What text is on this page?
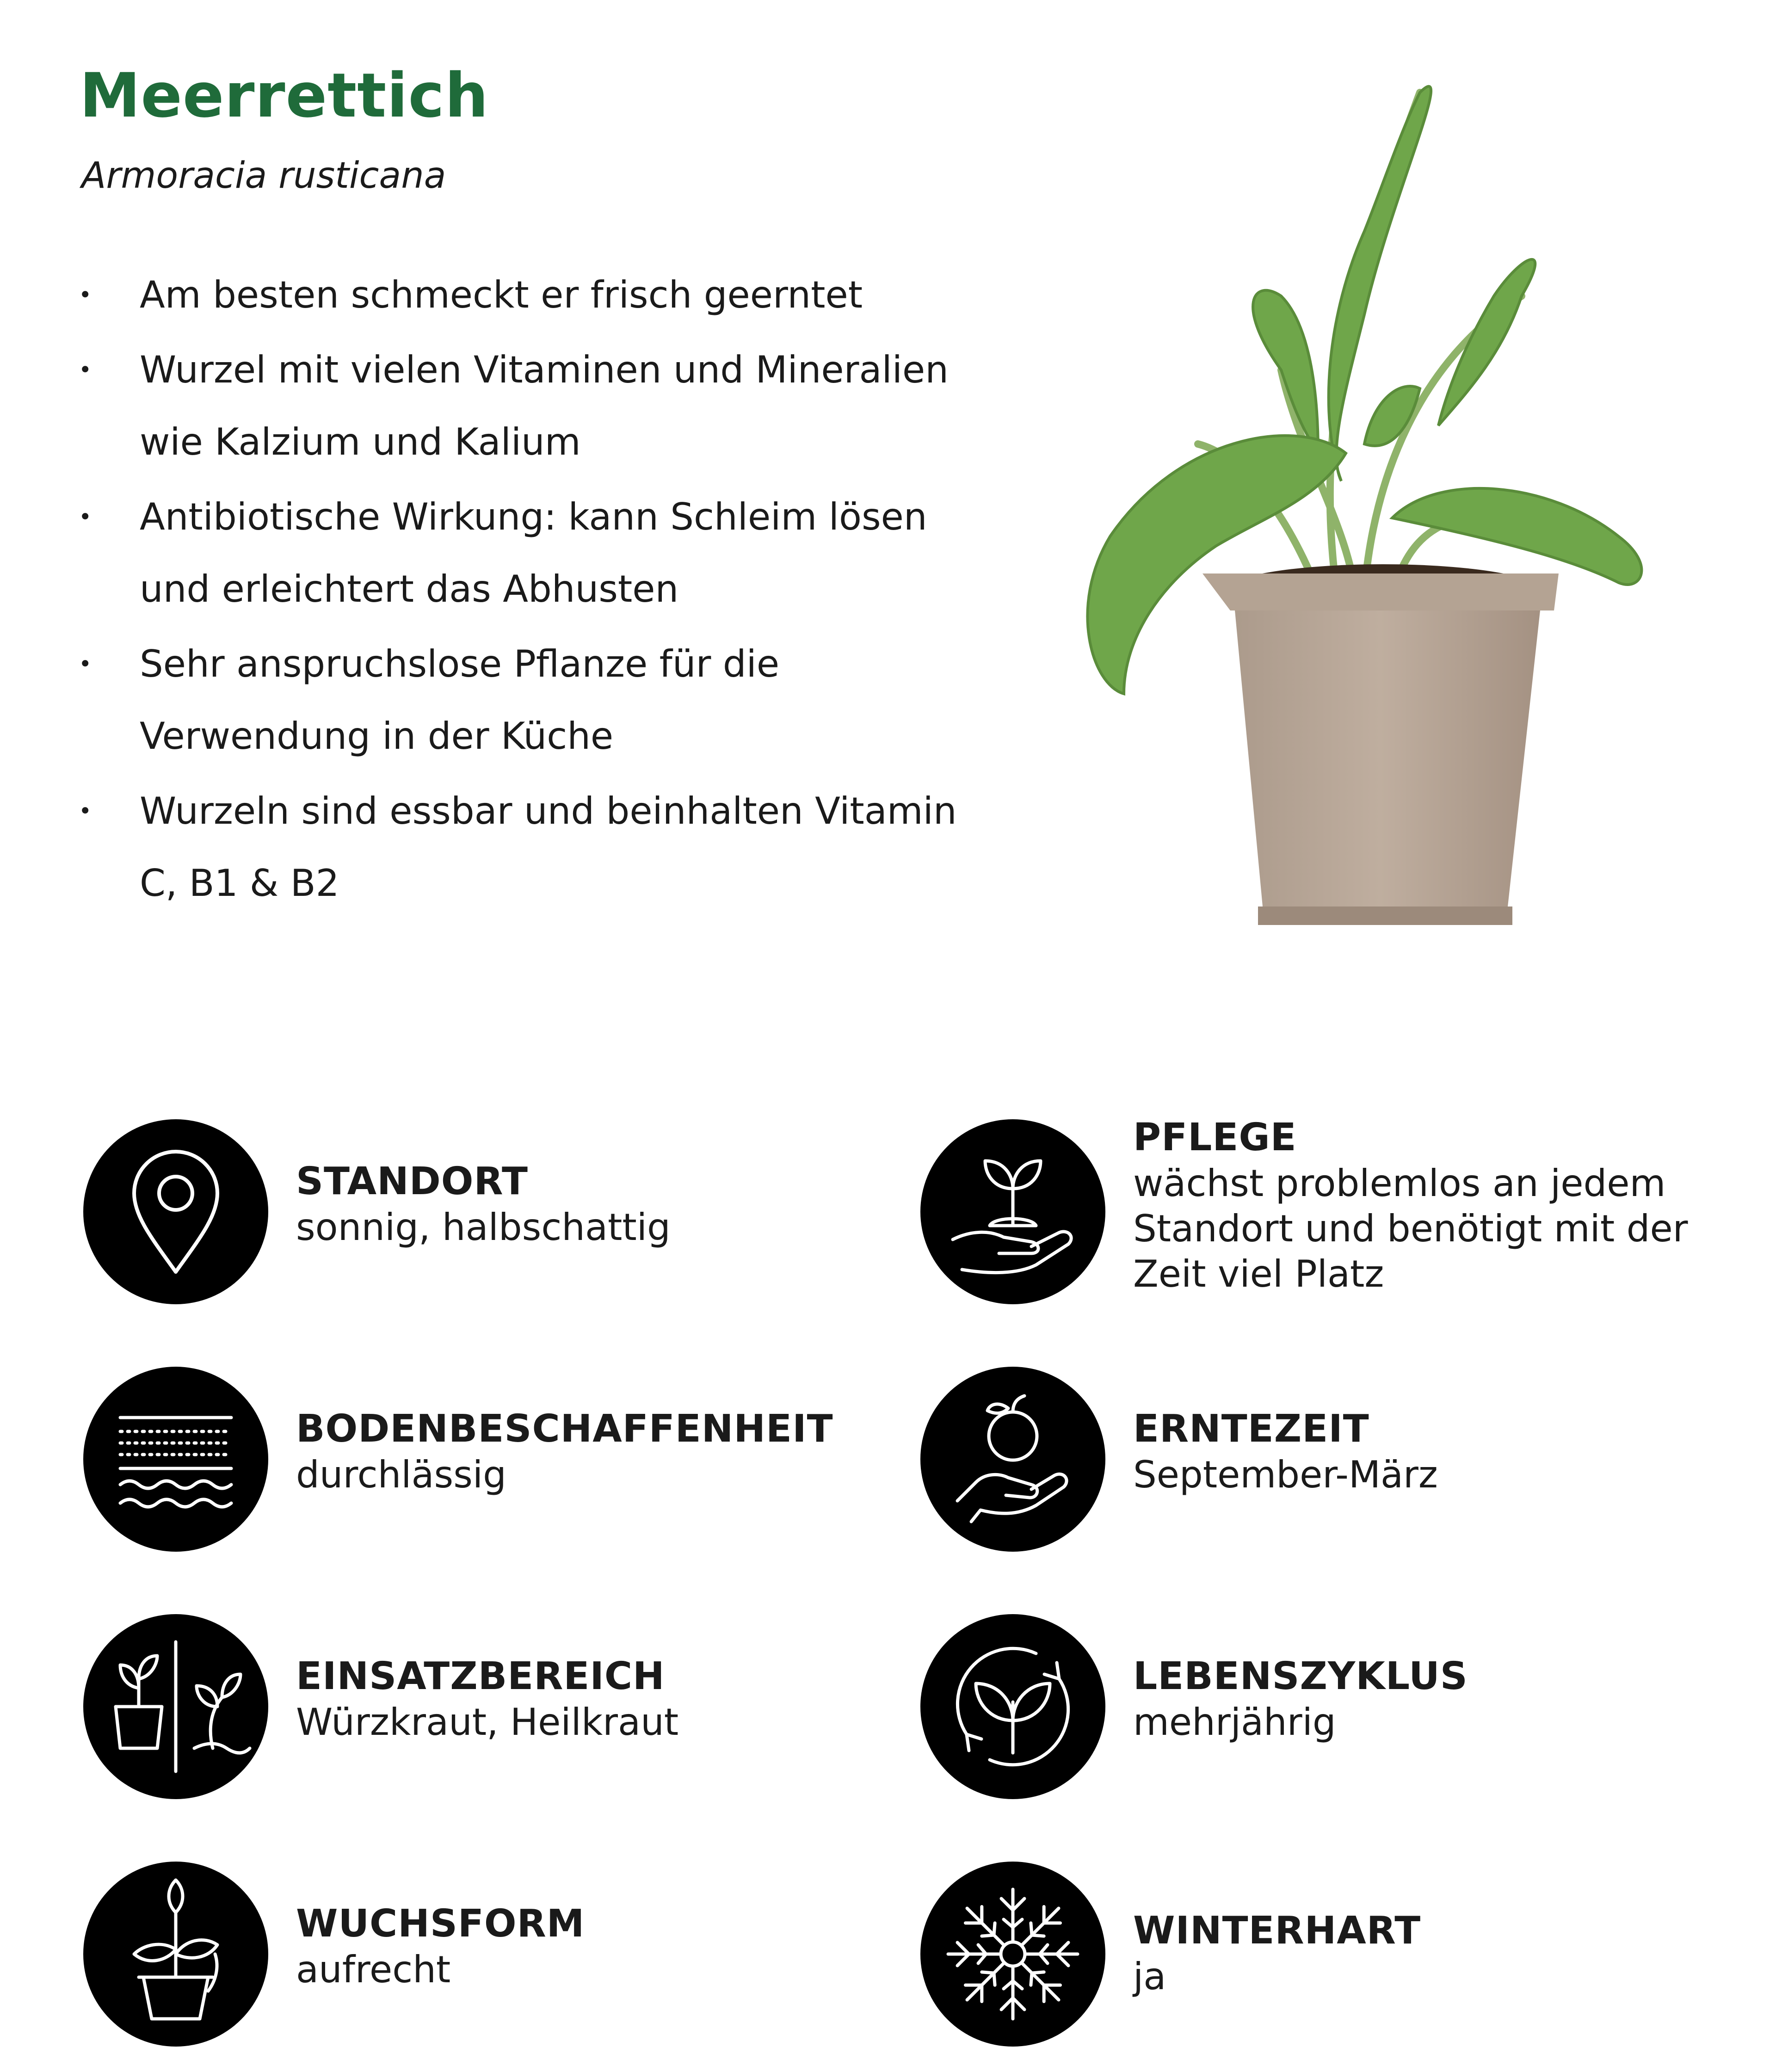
Meerrettich
Armoracia rusticana
• Am besten schmeckt er frisch geerntet
• Wurzel mit vielen Vitaminen und Mineralien wie Kalzium und Kalium
• Antibiotische Wirkung: kann Schleim lösen und erleichtert das Abhusten
• Sehr anspruchslose Pflanze für die Verwendung in der Küche
• Wurzeln sind essbar und beinhalten Vitamin C, B1 & B2
STANDORT
sonnig, halbschattig
BODENBESCHAFFENHEIT
durchlässig
EINSATZBEREICH
Würzkraut, Heilkraut
WUCHSFORM
aufrecht
PFLEGE
wächst problemlos an jedem Standort und benötigt mit der Zeit viel Platz
ERNTEZEIT
September-März
LEBENSZYKLUS
mehrjährig
WINTERHART
ja
